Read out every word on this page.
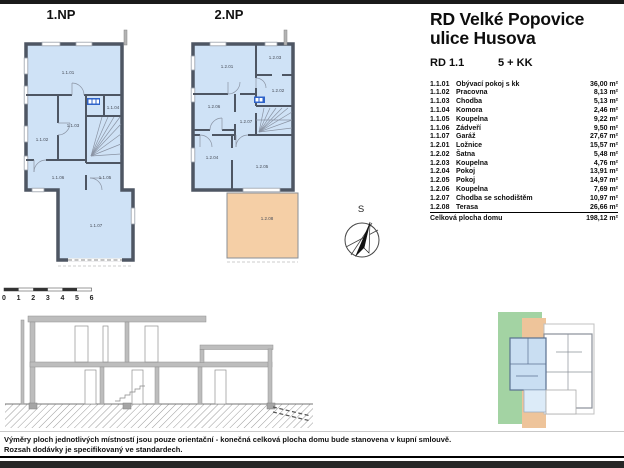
1.NP	2.NP
1.1.01
1.1.02
1.1.03
1.1.04
1.1.05
1.1.06
1.1.07
1.2.01
1.2.02
1.2.03
1.2.04
1.2.05
1.2.06
1.2.07
1.2.08
S
0 1 2 3 4 5 6
RD Velké Popovice
ulice Husova
RD 1.1	5 + KK
1.1.01	Obývací pokoj s kk	36,00 m²
1.1.02	Pracovna	8,13 m²
1.1.03	Chodba	5,13 m²
1.1.04	Komora	2,46 m²
1.1.05	Koupelna	9,22 m²
1.1.06	Zádveří	9,50 m²
1.1.07	Garáž	27,67 m²
1.2.01	Ložnice	15,57 m²
1.2.02	Šatna	5,48 m²
1.2.03	Koupelna	4,76 m²
1.2.04	Pokoj	13,91 m²
1.2.05	Pokoj	14,97 m²
1.2.06	Koupelna	7,69 m²
1.2.07	Chodba se schodištěm	10,97 m²
1.2.08	Terasa	26,66 m²
Celková plocha domu		198,12 m²
Výměry ploch jednotlivých místností jsou pouze orientační - konečná celková plocha domu bude stanovena v kupní smlouvě.
Rozsah dodávky je specifikovaný ve standardech.
